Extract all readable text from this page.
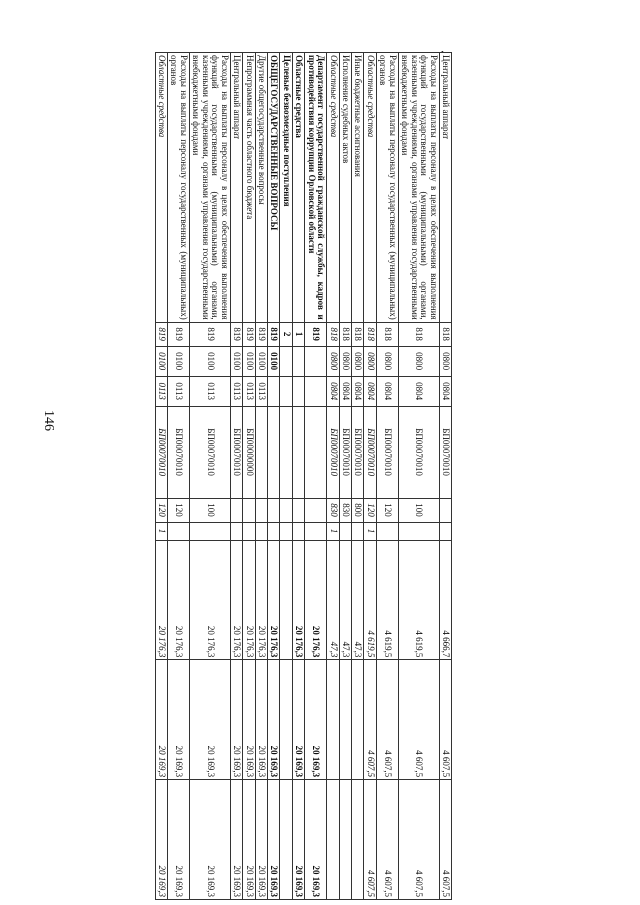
146
•
Центральный аппарат	818	0800	0804	БП00070010			4 666,7	4 607,5	4 607,5
Расходы на выплаты персоналу в целях обеспечения выполнения функций государственными (муниципальными) органами, казенными учреждениями, органами управления государственными внебюджетными фондами	818	0800	0804	БП00070010	100		4 619,5	4 607,5	4 607,5
Расходы на выплаты персоналу государственных (муниципальных) органов	818	0800	0804	БП00070010	120		4 619,5	4 607,5	4 607,5
Областные средства	818	0800	0804	БП00070010	120	1	4 619,5	4 607,5	4 607,5
Иные бюджетные ассигнования	818	0800	0804	БП00070010	800		47,3		
Исполнение судебных актов	818	0800	0804	БП00070010	830		47,3		
Областные средства	818	0800	0804	БП00070010	830	1	47,3		
Департамент государственной гражданской службы, кадров и противодействия коррупции Орловской области	819						20 176,3	20 169,3	20 169,3
Областные средства	1						20 176,3	20 169,3	20 169,3
Целевые безвозмездные поступления	2								
ОБЩЕГОСУДАРСТВЕННЫЕ ВОПРОСЫ	819	0100					20 176,3	20 169,3	20 169,3
Другие общегосударственные вопросы	819	0100	0113				20 176,3	20 169,3	20 169,3
Непрограммная часть областного бюджета	819	0100	0113	БП00000000			20 176,3	20 169,3	20 169,3
Центральный аппарат	819	0100	0113	БП00070010			20 176,3	20 169,3	20 169,3
Расходы на выплаты персоналу в целях обеспечения выполнения функций государственными (муниципальными) органами, казенными учреждениями, органами управления государственными внебюджетными фондами	819	0100	0113	БП00070010	100		20 176,3	20 169,3	20 169,3
Расходы на выплаты персоналу государственных (муниципальных) органов	819	0100	0113	БП00070010	120		20 176,3	20 169,3	20 169,3
Областные средства	819	0100	0113	БП00070010	120	1	20 176,3	20 169,3	20 169,3
